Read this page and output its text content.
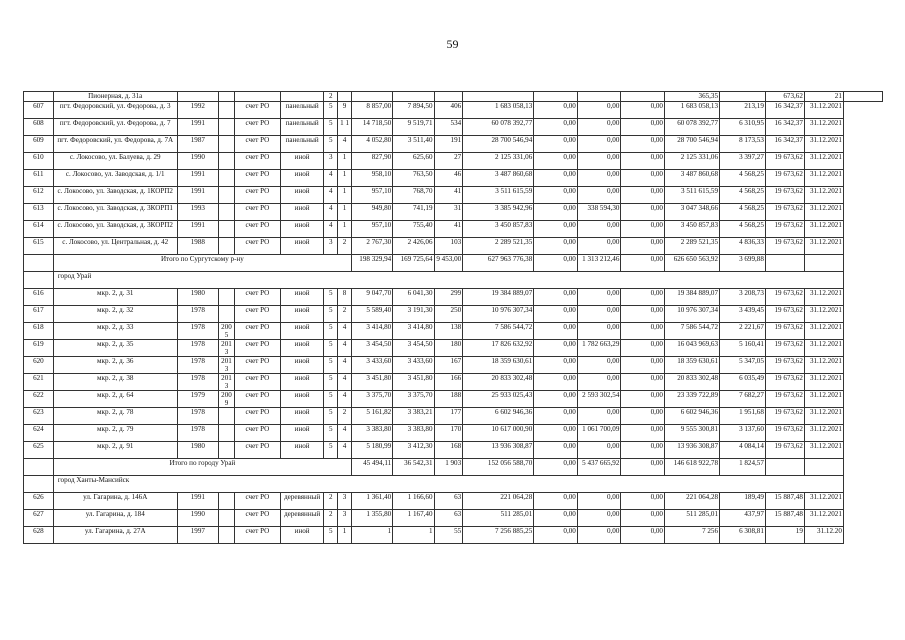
59
	Пионерная, д. 31а					2									365,35		673,62	21	
607	пгт. Федоровский, ул. Федорова, д. 3	1992		счет РО	панельный	5	9	8 857,00	7 894,50	406	1 683 058,13	0,00	0,00	0,00	1 683 058,13	213,19	16 342,37	31.12.2021	
608	пгт. Федоровский, ул. Федорова, д. 7	1991		счет РО	панельный	5	1 1	14 718,50	9 519,71	534	60 078 392,77	0,00	0,00	0,00	60 078 392,77	6 310,95	16 342,37	31.12.2021	
609	пгт. Федоровский, ул. Федорова, д. 7А	1987		счет РО	панельный	5	4	4 052,80	3 511,40	191	28 700 546,94	0,00	0,00	0,00	28 700 546,94	8 173,53	16 342,37	31.12.2021	
610	с. Локосово, ул. Балуева, д. 29	1990		счет РО	иной	3	1	827,90	625,60	27	2 125 331,06	0,00	0,00	0,00	2 125 331,06	3 397,27	19 673,62	31.12.2021	
611	с. Локосово, ул. Заводская, д. 1/1	1991		счет РО	иной	4	1	958,10	763,50	46	3 487 860,68	0,00	0,00	0,00	3 487 860,68	4 568,25	19 673,62	31.12.2021	
612	с. Локосово, ул. Заводская, д. 1КОРП2	1991		счет РО	иной	4	1	957,10	768,70	41	3 511 615,59	0,00	0,00	0,00	3 511 615,59	4 568,25	19 673,62	31.12.2021	
613	с. Локосово, ул. Заводская, д. 3КОРП1	1993		счет РО	иной	4	1	949,80	741,19	31	3 385 942,96	0,00	338 594,30	0,00	3 047 348,66	4 568,25	19 673,62	31.12.2021	
614	с. Локосово, ул. Заводская, д. 3КОРП2	1991		счет РО	иной	4	1	957,10	755,40	41	3 450 857,83	0,00	0,00	0,00	3 450 857,83	4 568,25	19 673,62	31.12.2021	
615	с. Локосово, ул. Центральная, д. 42	1988		счет РО	иной	3	2	2 767,30	2 426,06	103	2 289 521,35	0,00	0,00	0,00	2 289 521,35	4 836,33	19 673,62	31.12.2021	
	Итого по Сургутскому р-ну							198 329,94	169 725,64	9 453,00	627 963 776,38	0,00	1 313 212,46	0,00	626 650 563,92	3 699,88			
	город Урай																		
616	мкр. 2, д. 31	1980		счет РО	иной	5	8	9 047,70	6 041,30	299	19 384 889,07	0,00	0,00	0,00	19 384 889,07	3 208,73	19 673,62	31.12.2021	
617	мкр. 2, д. 32	1978		счет РО	иной	5	2	5 589,40	3 191,30	250	10 976 307,34	0,00	0,00	0,00	10 976 307,34	3 439,45	19 673,62	31.12.2021	
618	мкр. 2, д. 33	1978	2005	счет РО	иной	5	4	3 414,80	3 414,80	138	7 586 544,72	0,00	0,00	0,00	7 586 544,72	2 221,67	19 673,62	31.12.2021	
619	мкр. 2, д. 35	1978	2013	счет РО	иной	5	4	3 454,50	3 454,50	180	17 826 632,92	0,00	1 782 663,29	0,00	16 043 969,63	5 160,41	19 673,62	31.12.2021	
620	мкр. 2, д. 36	1978	2013	счет РО	иной	5	4	3 433,60	3 433,60	167	18 359 630,61	0,00	0,00	0,00	18 359 630,61	5 347,05	19 673,62	31.12.2021	
621	мкр. 2, д. 38	1978	2013	счет РО	иной	5	4	3 451,80	3 451,80	166	20 833 302,48	0,00	0,00	0,00	20 833 302,48	6 035,49	19 673,62	31.12.2021	
622	мкр. 2, д. 64	1979	2009	счет РО	иной	5	4	3 375,70	3 375,70	188	25 933 025,43	0,00	2 593 302,54	0,00	23 339 722,89	7 682,27	19 673,62	31.12.2021	
623	мкр. 2, д. 78	1978		счет РО	иной	5	2	5 161,82	3 383,21	177	6 602 946,36	0,00	0,00	0,00	6 602 946,36	1 951,68	19 673,62	31.12.2021	
624	мкр. 2, д. 79	1978		счет РО	иной	5	4	3 383,80	3 383,80	170	10 617 000,90	0,00	1 061 700,09	0,00	9 555 300,81	3 137,60	19 673,62	31.12.2021	
625	мкр. 2, д. 91	1980		счет РО	иной	5	4	5 180,99	3 412,30	168	13 936 308,87	0,00	0,00	0,00	13 936 308,87	4 084,14	19 673,62	31.12.2021	
	Итого по городу Урай							45 494,11	36 542,31	1 903	152 056 588,70	0,00	5 437 665,92	0,00	146 618 922,78	1 824,57			
	город Ханты-Мансийск																		
626	ул. Гагарина, д. 146А	1991		счет РО	деревянный	2	3	1 361,40	1 166,60	63	221 064,28	0,00	0,00	0,00	221 064,28	189,49	15 887,48	31.12.2021	
627	ул. Гагарина, д. 184	1990		счет РО	деревянный	2	3	1 355,80	1 167,40	63	511 285,01	0,00	0,00	0,00	511 285,01	437,97	15 887,48	31.12.2021	
628	ул. Гагарина, д. 27А	1997		счет РО	иной	5	1	1	1	55	7 256 885,25	0,00	0,00	0,00	7 256	6 308,81	19	31.12.20	
